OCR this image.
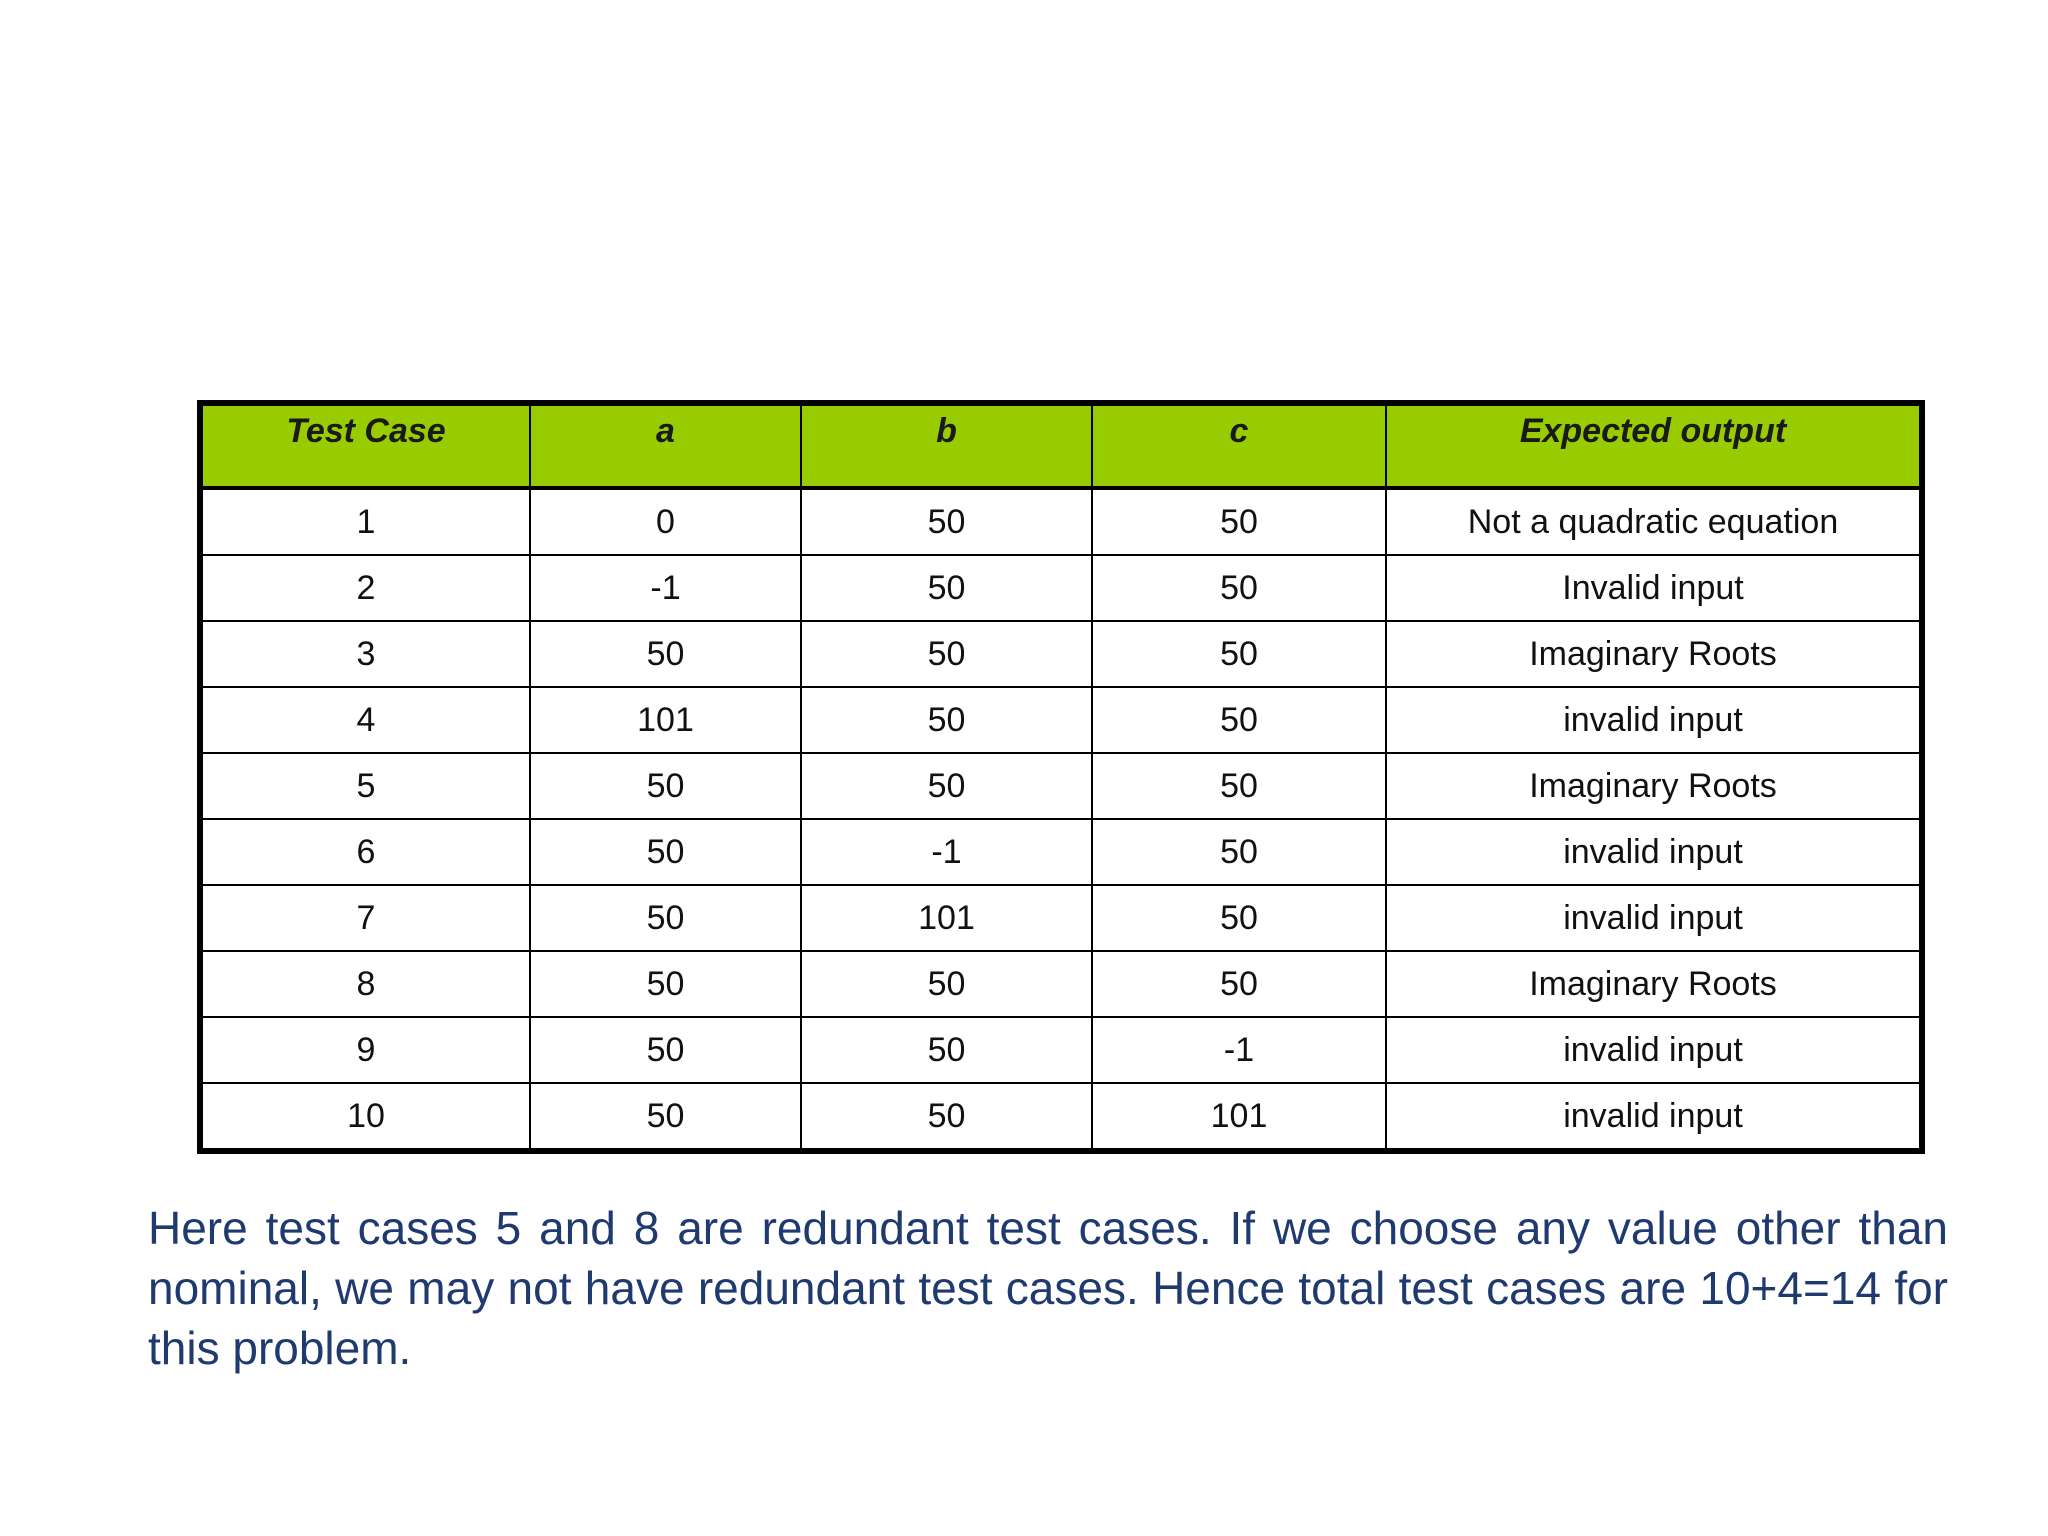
Test Case	a	b	c	Expected output
1	0	50	50	Not a quadratic equation
2	-1	50	50	Invalid input
3	50	50	50	Imaginary Roots
4	101	50	50	invalid input
5	50	50	50	Imaginary Roots
6	50	-1	50	invalid input
7	50	101	50	invalid input
8	50	50	50	Imaginary Roots
9	50	50	-1	invalid input
10	50	50	101	invalid input

Here test cases 5 and 8 are redundant test cases. If we choose any value other than nominal, we may not have redundant test cases. Hence total test cases are 10+4=14 for this problem.
